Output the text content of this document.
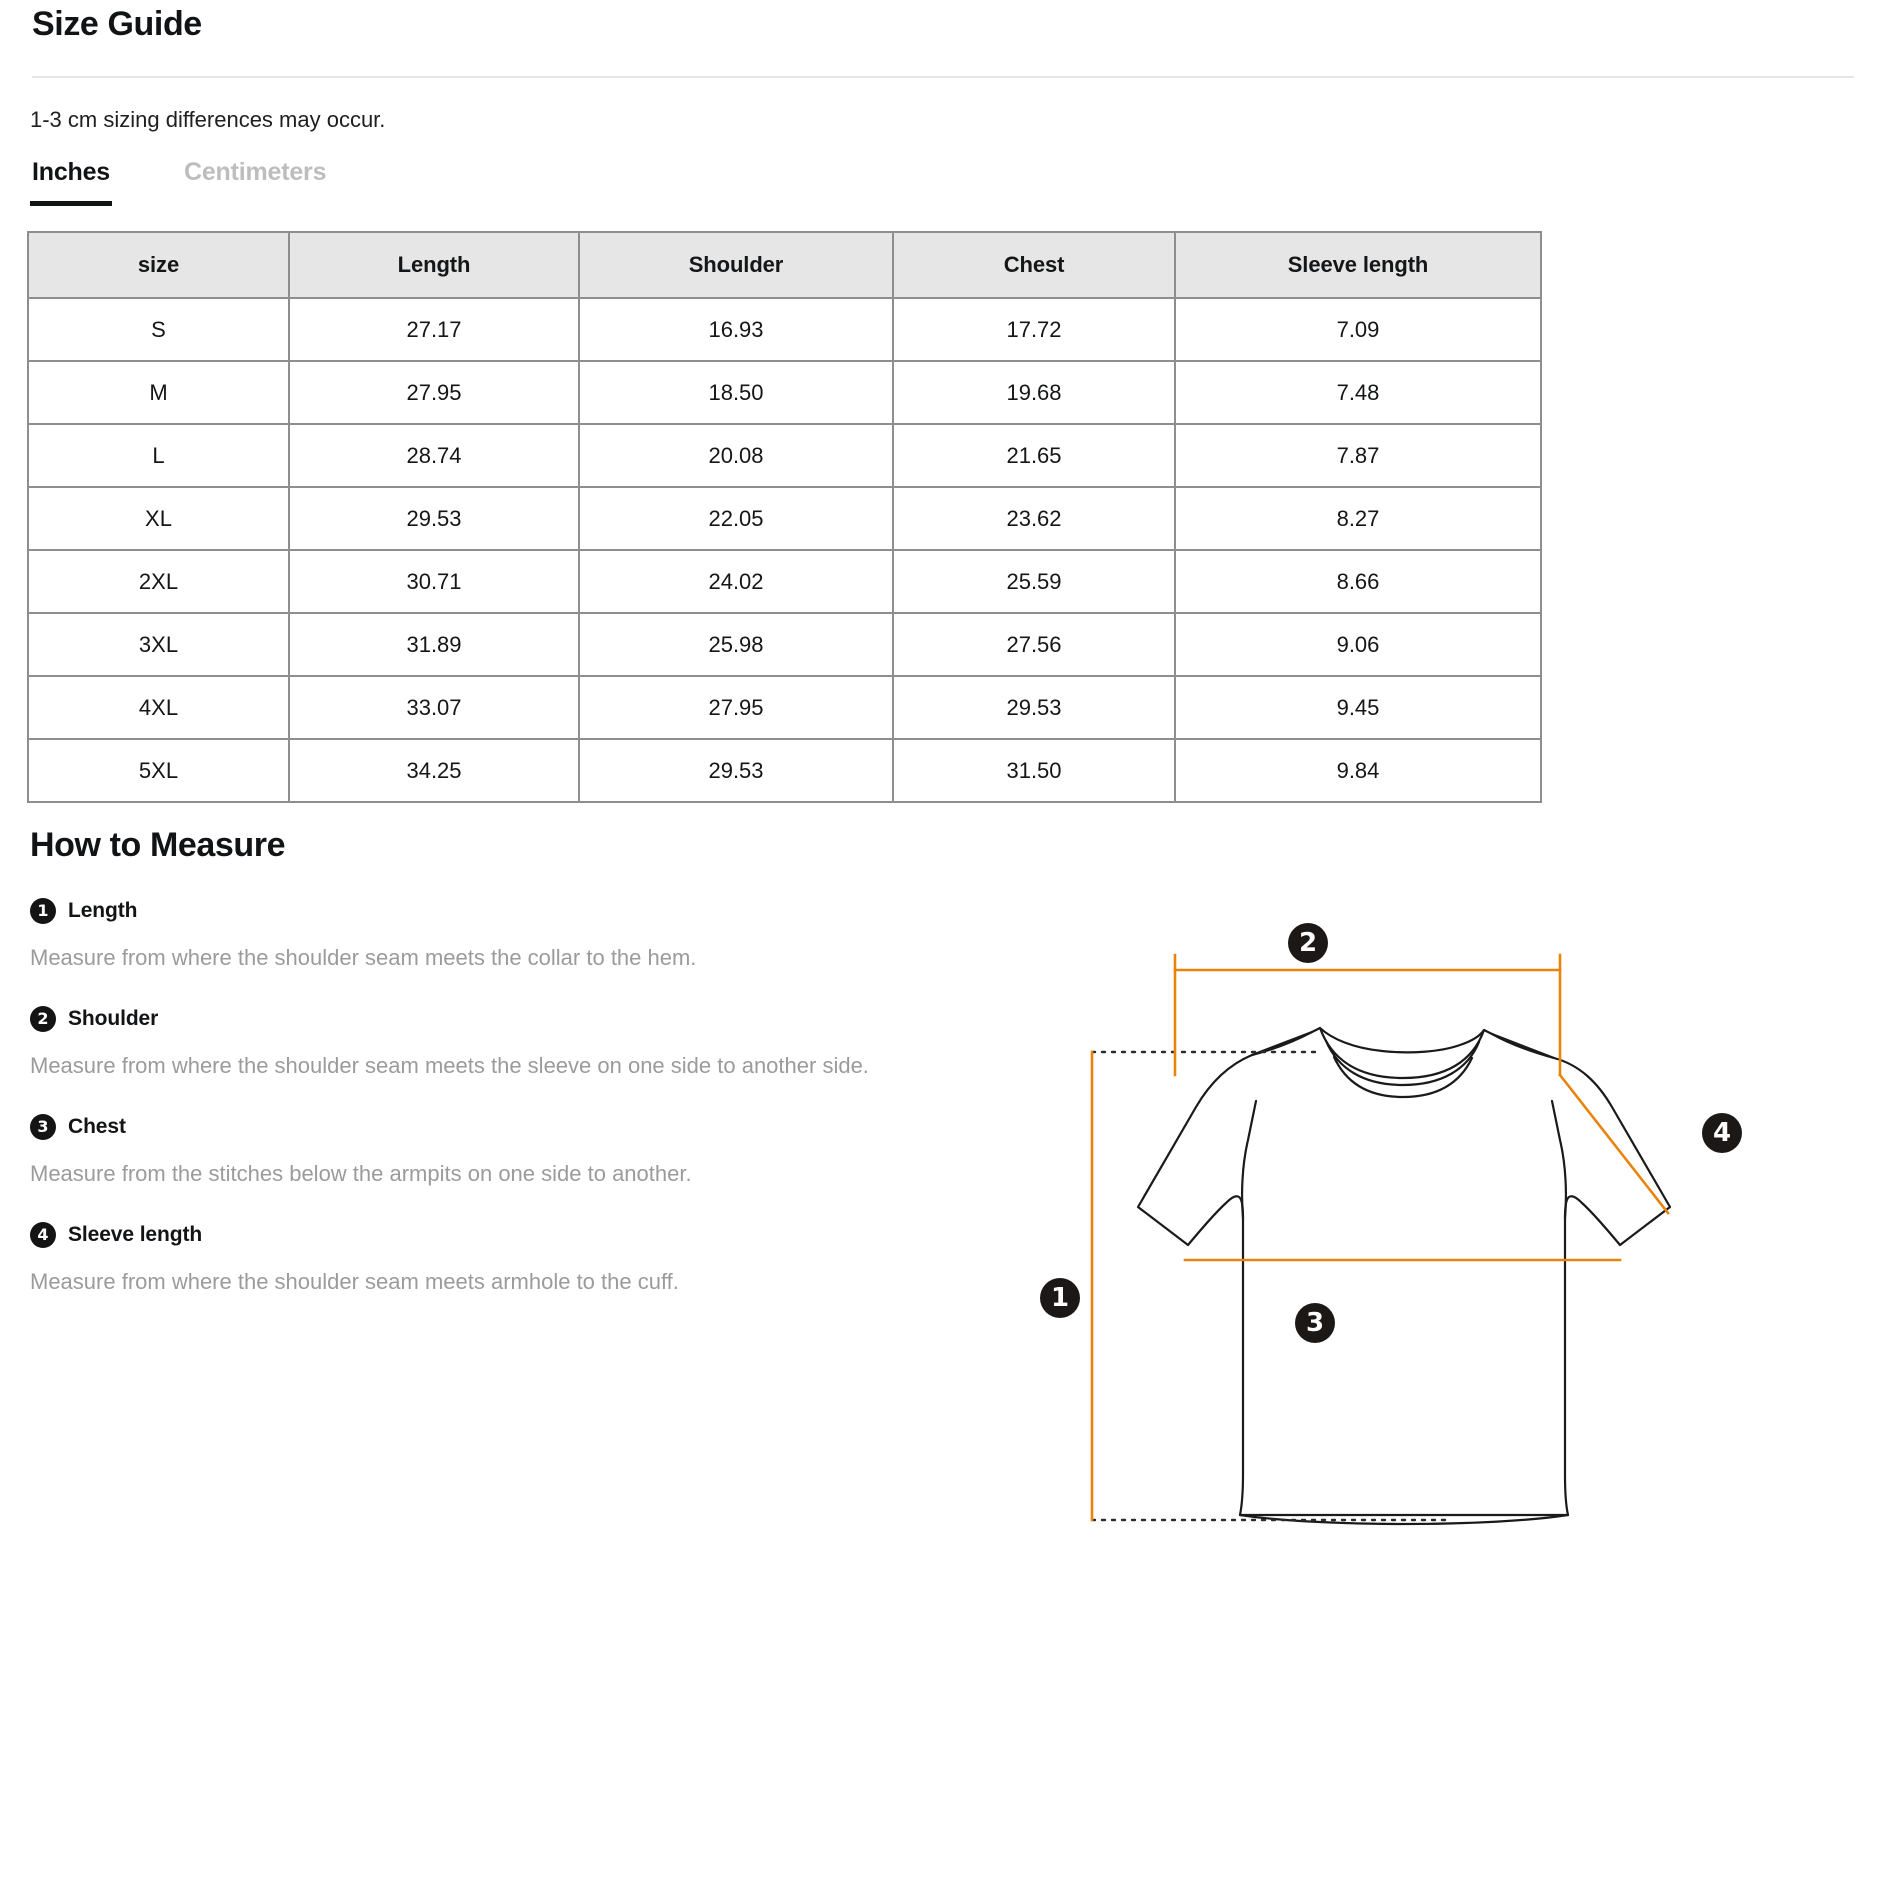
Size Guide
1-3 cm sizing differences may occur.
Inches	Centimeters
size	Length	Shoulder	Chest	Sleeve length
S	27.17	16.93	17.72	7.09
M	27.95	18.50	19.68	7.48
L	28.74	20.08	21.65	7.87
XL	29.53	22.05	23.62	8.27
2XL	30.71	24.02	25.59	8.66
3XL	31.89	25.98	27.56	9.06
4XL	33.07	27.95	29.53	9.45
5XL	34.25	29.53	31.50	9.84
How to Measure
1 Length
Measure from where the shoulder seam meets the collar to the hem.
2 Shoulder
Measure from where the shoulder seam meets the sleeve on one side to another side.
3 Chest
Measure from the stitches below the armpits on one side to another.
4 Sleeve length
Measure from where the shoulder seam meets armhole to the cuff.
1
2
3
4
